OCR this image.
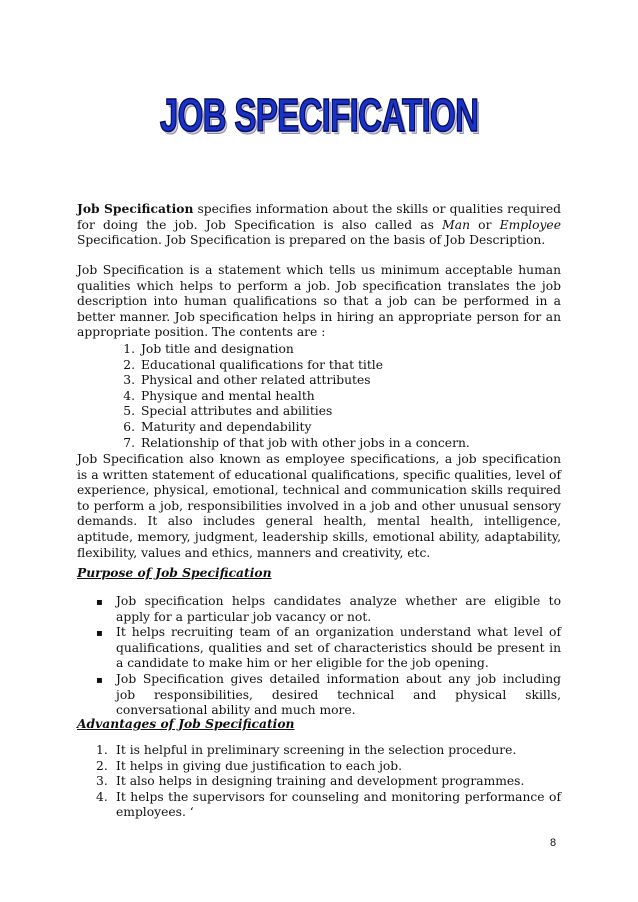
JOB SPECIFICATION

Job Specification specifies information about the skills or qualities required for doing the job. Job Specification is also called as Man or Employee Specification. Job Specification is prepared on the basis of Job Description.

Job Specification is a statement which tells us minimum acceptable human qualities which helps to perform a job. Job specification translates the job description into human qualifications so that a job can be performed in a better manner. Job specification helps in hiring an appropriate person for an appropriate position. The contents are :

1. Job title and designation
2. Educational qualifications for that title
3. Physical and other related attributes
4. Physique and mental health
5. Special attributes and abilities
6. Maturity and dependability
7. Relationship of that job with other jobs in a concern.

Job Specification also known as employee specifications, a job specification is a written statement of educational qualifications, specific qualities, level of experience, physical, emotional, technical and communication skills required to perform a job, responsibilities involved in a job and other unusual sensory demands. It also includes general health, mental health, intelligence, aptitude, memory, judgment, leadership skills, emotional ability, adaptability, flexibility, values and ethics, manners and creativity, etc.

Purpose of Job Specification
▪ Job specification helps candidates analyze whether are eligible to apply for a particular job vacancy or not.
▪ It helps recruiting team of an organization understand what level of qualifications, qualities and set of characteristics should be present in a candidate to make him or her eligible for the job opening.
▪ Job Specification gives detailed information about any job including job responsibilities, desired technical and physical skills, conversational ability and much more.
Advantages of Job Specification
1. It is helpful in preliminary screening in the selection procedure.
2. It helps in giving due justification to each job.
3. It also helps in designing training and development programmes.
4. It helps the supervisors for counseling and monitoring performance of employees. ‘
8
